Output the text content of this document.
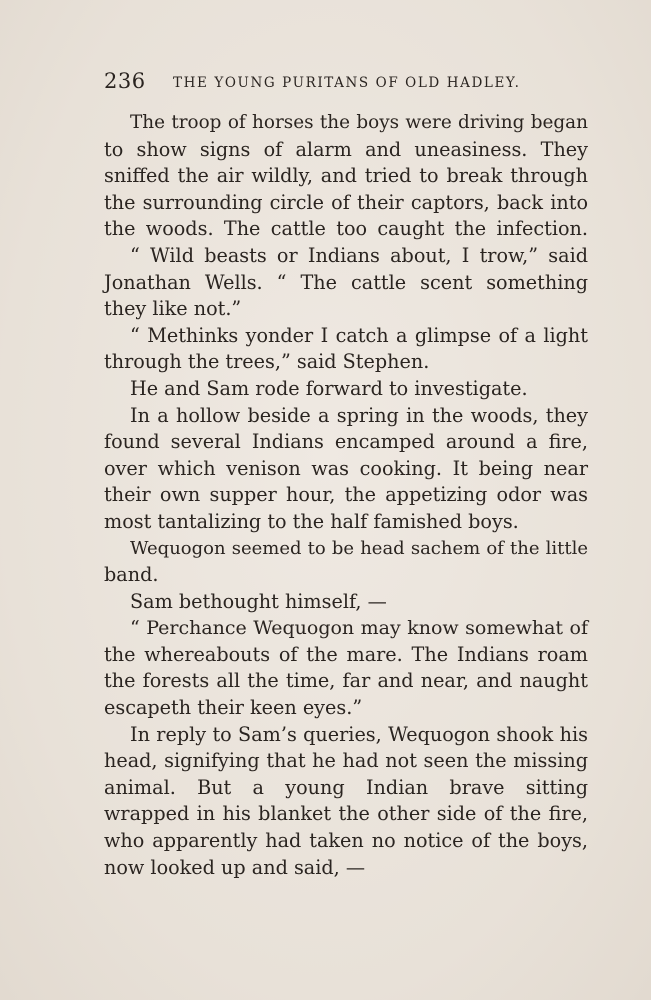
236 THE YOUNG PURITANS OF OLD HADLEY.
The troop of horses the boys were driving began
to show signs of alarm and uneasiness. They
sniffed the air wildly, and tried to break through
the surrounding circle of their captors, back into
the woods. The cattle too caught the infection.
“ Wild beasts or Indians about, I trow,” said
Jonathan Wells. “ The cattle scent something
they like not.”
“ Methinks yonder I catch a glimpse of a light
through the trees,” said Stephen.
He and Sam rode forward to investigate.
In a hollow beside a spring in the woods, they
found several Indians encamped around a fire,
over which venison was cooking. It being near
their own supper hour, the appetizing odor was
most tantalizing to the half famished boys.
Wequogon seemed to be head sachem of the little
band.
Sam bethought himself, —
“ Perchance Wequogon may know somewhat of
the whereabouts of the mare. The Indians roam
the forests all the time, far and near, and naught
escapeth their keen eyes.”
In reply to Sam’s queries, Wequogon shook his
head, signifying that he had not seen the missing
animal. But a young Indian brave sitting
wrapped in his blanket the other side of the fire,
who apparently had taken no notice of the boys,
now looked up and said, —
